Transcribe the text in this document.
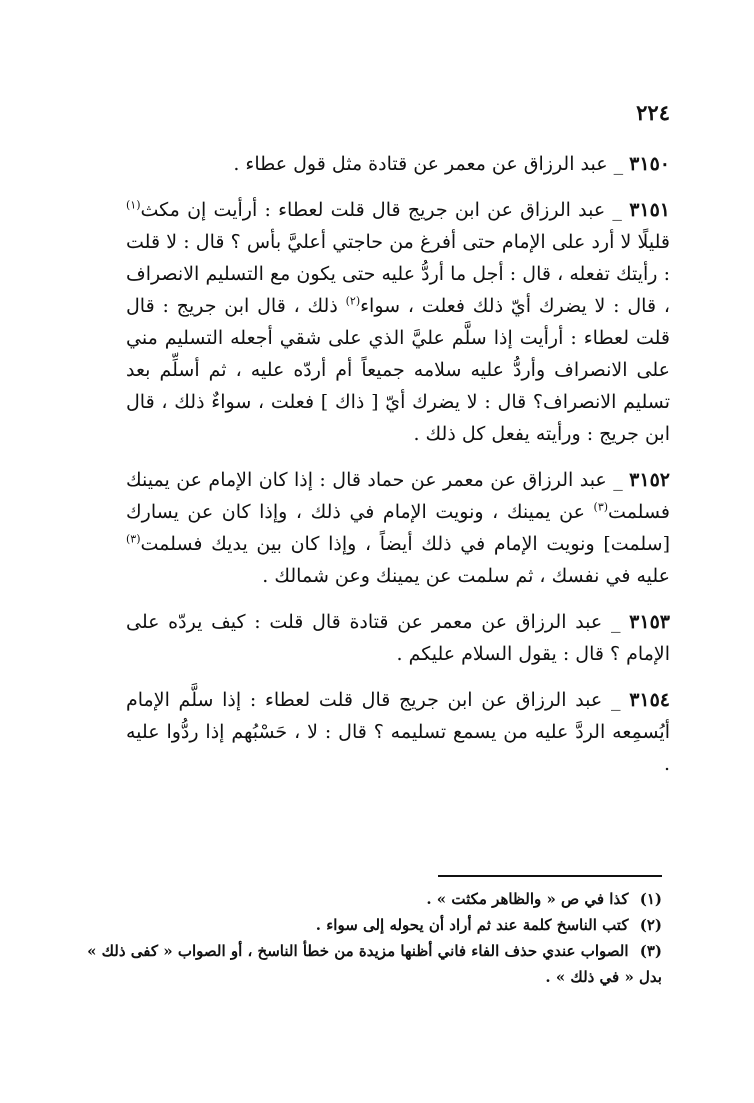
٢٢٤

٣١٥٠ _ عبد الرزاق عن معمر عن قتادة مثل قول عطاء .

٣١٥١ _ عبد الرزاق عن ابن جريج قال قلت لعطاء : أرأيت إن مكث$^{(١)}$ قليلًا لا أرد على الإمام حتى أفرغ من حاجتي أعليَّ بأس ؟ قال : لا قلت : رأيتك تفعله ، قال : أجل ما أردُّ عليه حتى يكون مع التسليم الانصراف ، قال : لا يضرك أيّ ذلك فعلت ، سواء$^{(٢)}$ ذلك ، قال ابن جريج : قال قلت لعطاء : أرأيت إذا سلَّم عليَّ الذي على شقي أجعله التسليم مني على الانصراف وأردُّ عليه سلامه جميعاً أم أردّه عليه ، ثم أسلِّم بعد تسليم الانصراف؟ قال : لا يضرك أيّ [ ذاك ] فعلت ، سواءٌ ذلك ، قال ابن جريج : ورأيته يفعل كل ذلك .

٣١٥٢ _ عبد الرزاق عن معمر عن حماد قال : إذا كان الإمام عن يمينك فسلمت$^{(٣)}$ عن يمينك ، ونويت الإمام في ذلك ، وإذا كان عن يسارك [سلمت] ونويت الإمام في ذلك أيضاً ، وإذا كان بين يديك فسلمت$^{(٣)}$ عليه في نفسك ، ثم سلمت عن يمينك وعن شمالك .

٣١٥٣ _ عبد الرزاق عن معمر عن قتادة قال قلت : كيف يردّه على الإمام ؟ قال : يقول السلام عليكم .

٣١٥٤ _ عبد الرزاق عن ابن جريج قال قلت لعطاء : إذا سلَّم الإمام أيُسمِعه الردَّ عليه من يسمع تسليمه ؟ قال : لا ، حَسْبُهم إذا ردُّوا عليه .

(١) كذا في ص « والظاهر مكثت » .

(٢) كتب الناسخ كلمة عند ثم أراد أن يحوله إلى سواء .

(٣) الصواب عندي حذف الفاء فاني أظنها مزيدة من خطأ الناسخ ، أو الصواب « كفى ذلك » بدل « في ذلك » .
